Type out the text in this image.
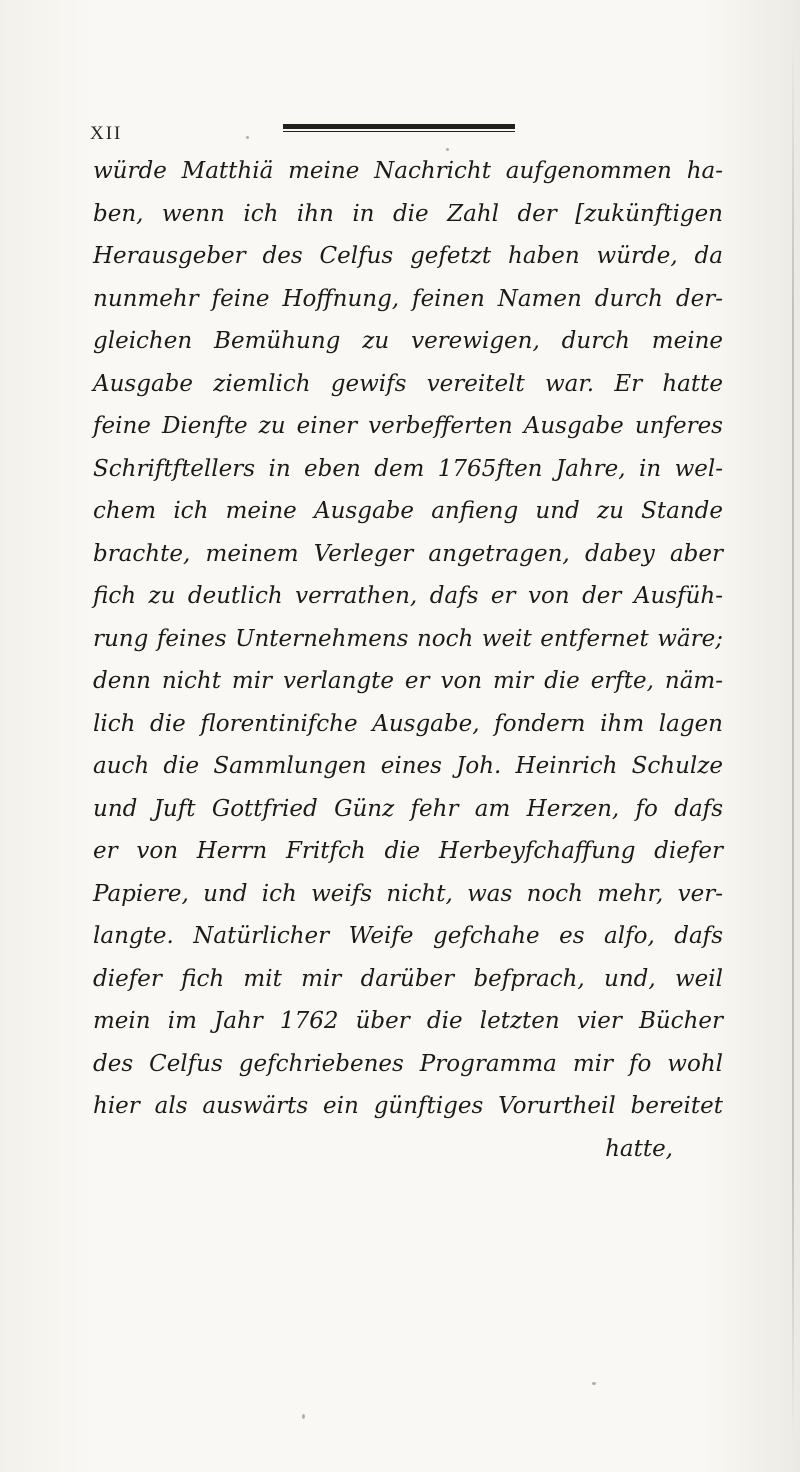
XII
würde Matthiä meine Nachricht aufgenommen ha-
ben, wenn ich ihn in die Zahl der [zukünftigen
Herausgeber des Celfus gefetzt haben würde, da
nunmehr feine Hoffnung, feinen Namen durch der-
gleichen Bemühung zu verewigen, durch meine
Ausgabe ziemlich gewifs vereitelt war. Er hatte
feine Dienfte zu einer verbefferten Ausgabe unferes
Schriftftellers in eben dem 1765ften Jahre, in wel-
chem ich meine Ausgabe anfieng und zu Stande
brachte, meinem Verleger angetragen, dabey aber
fich zu deutlich verrathen, dafs er von der Ausfüh-
rung feines Unternehmens noch weit entfernet wäre;
denn nicht mir verlangte er von mir die erfte, näm-
lich die florentinifche Ausgabe, fondern ihm lagen
auch die Sammlungen eines Joh. Heinrich Schulze
und Juft Gottfried Günz fehr am Herzen, fo dafs
er von Herrn Fritfch die Herbeyfchaffung diefer
Papiere, und ich weifs nicht, was noch mehr, ver-
langte. Natürlicher Weife gefchahe es alfo, dafs
diefer fich mit mir darüber befprach, und, weil
mein im Jahr 1762 über die letzten vier Bücher
des Celfus gefchriebenes Programma mir fo wohl
hier als auswärts ein günftiges Vorurtheil bereitet
hatte,
